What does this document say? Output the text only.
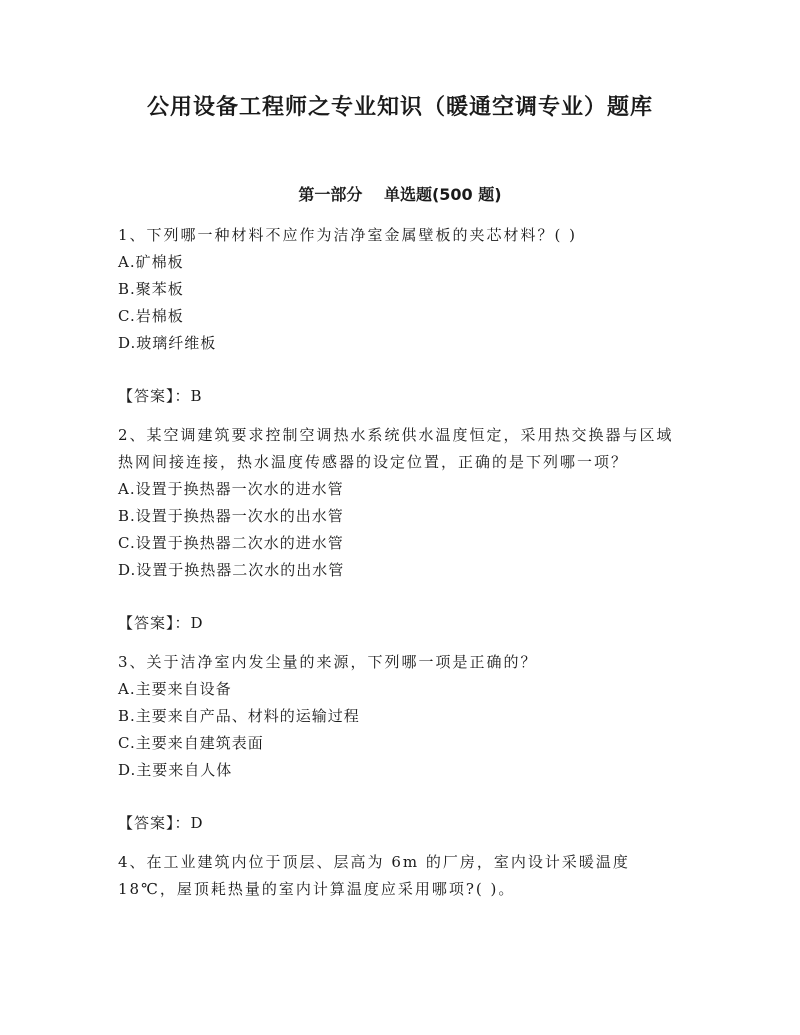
公用设备工程师之专业知识（暖通空调专业）题库
第一部分　 单选题(500 题)

1、下列哪一种材料不应作为洁净室金属壁板的夹芯材料？( )

A.矿棉板
B.聚苯板
C.岩棉板
D.玻璃纤维板

【答案】：B

2、某空调建筑要求控制空调热水系统供水温度恒定，采用热交换器与区域热网间接连接，热水温度传感器的设定位置，正确的是下列哪一项？

A.设置于换热器一次水的进水管
B.设置于换热器一次水的出水管
C.设置于换热器二次水的进水管
D.设置于换热器二次水的出水管

【答案】：D

3、关于洁净室内发尘量的来源，下列哪一项是正确的？

A.主要来自设备
B.主要来自产品、材料的运输过程
C.主要来自建筑表面
D.主要来自人体

【答案】：D

4、在工业建筑内位于顶层、层高为 6m 的厂房，室内设计采暖温度 18℃，屋顶耗热量的室内计算温度应采用哪项?( )。
